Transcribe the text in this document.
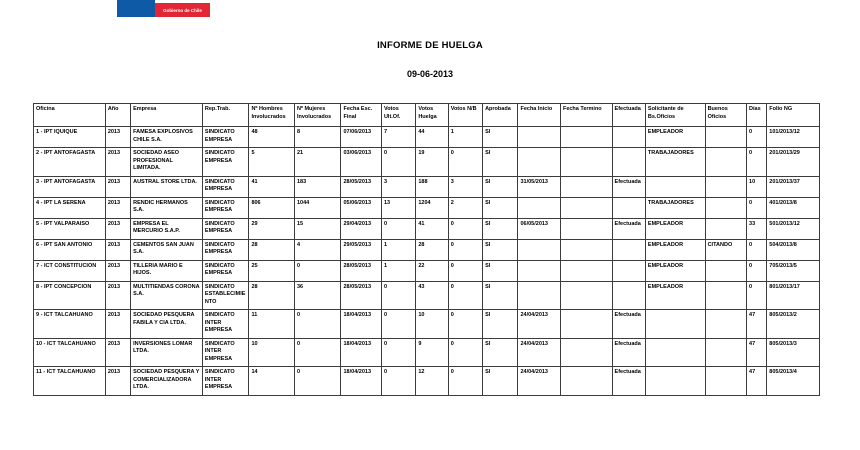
Gobierno de Chile
INFORME DE HUELGA
09-06-2013
Oficina	Año	Empresa	Rep.Trab.	Nº Hombres Involucrados	Nº Mujeres Involucrados	Fecha Esc. Final	Votos Ult.Of.	Votos Huelga	Votos N/B	Aprobada	Fecha Inicio	Fecha Termino	Efectuada	Solicitante de Bs.Oficios	Buenos Oficios	Días	Folio NG
1 - IPT IQUIQUE	2013	FAMESA EXPLOSIVOS CHILE S.A.	SINDICATO EMPRESA	48	8	07/06/2013	7	44	1	SI				EMPLEADOR		0	101/2013/12
2 - IPT ANTOFAGASTA	2013	SOCIEDAD ASEO PROFESIONAL LIMITADA.	SINDICATO EMPRESA	5	21	03/06/2013	0	19	0	SI				TRABAJADORES		0	201/2013/29
3 - IPT ANTOFAGASTA	2013	AUSTRAL STORE LTDA.	SINDICATO EMPRESA	41	183	28/05/2013	3	188	3	SI	31/05/2013		Efectuada			10	201/2013/37
4 - IPT LA SERENA	2013	RENDIC HERMANOS S.A.	SINDICATO EMPRESA	806	1044	05/06/2013	13	1204	2	SI				TRABAJADORES		0	401/2013/8
5 - IPT VALPARAISO	2013	EMPRESA EL MERCURIO S.A.P.	SINDICATO EMPRESA	29	15	29/04/2013	0	41	0	SI	06/05/2013		Efectuada	EMPLEADOR		33	501/2013/12
6 - IPT SAN ANTONIO	2013	CEMENTOS SAN JUAN S.A.	SINDICATO EMPRESA	28	4	29/05/2013	1	28	0	SI				EMPLEADOR	CITANDO	0	504/2013/8
7 - ICT CONSTITUCION	2013	TILLERIA MARIO E HIJOS.	SINDICATO EMPRESA	25	0	28/05/2013	1	22	0	SI				EMPLEADOR		0	705/2013/5
8 - IPT CONCEPCION	2013	MULTITIENDAS CORONA S.A.	SINDICATO ESTABLECIMIENTO	28	36	28/05/2013	0	43	0	SI				EMPLEADOR		0	801/2013/17
9 - ICT TALCAHUANO	2013	SOCIEDAD PESQUERA FABILA Y CIA LTDA.	SINDICATO INTER EMPRESA	11	0	18/04/2013	0	10	0	SI	24/04/2013		Efectuada			47	805/2013/2
10 - ICT TALCAHUANO	2013	INVERSIONES LOMAR LTDA.	SINDICATO INTER EMPRESA	10	0	18/04/2013	0	9	0	SI	24/04/2013		Efectuada			47	805/2013/3
11 - ICT TALCAHUANO	2013	SOCIEDAD PESQUERA Y COMERCIALIZADORA LTDA.	SINDICATO INTER EMPRESA	14	0	18/04/2013	0	12	0	SI	24/04/2013		Efectuada			47	805/2013/4
